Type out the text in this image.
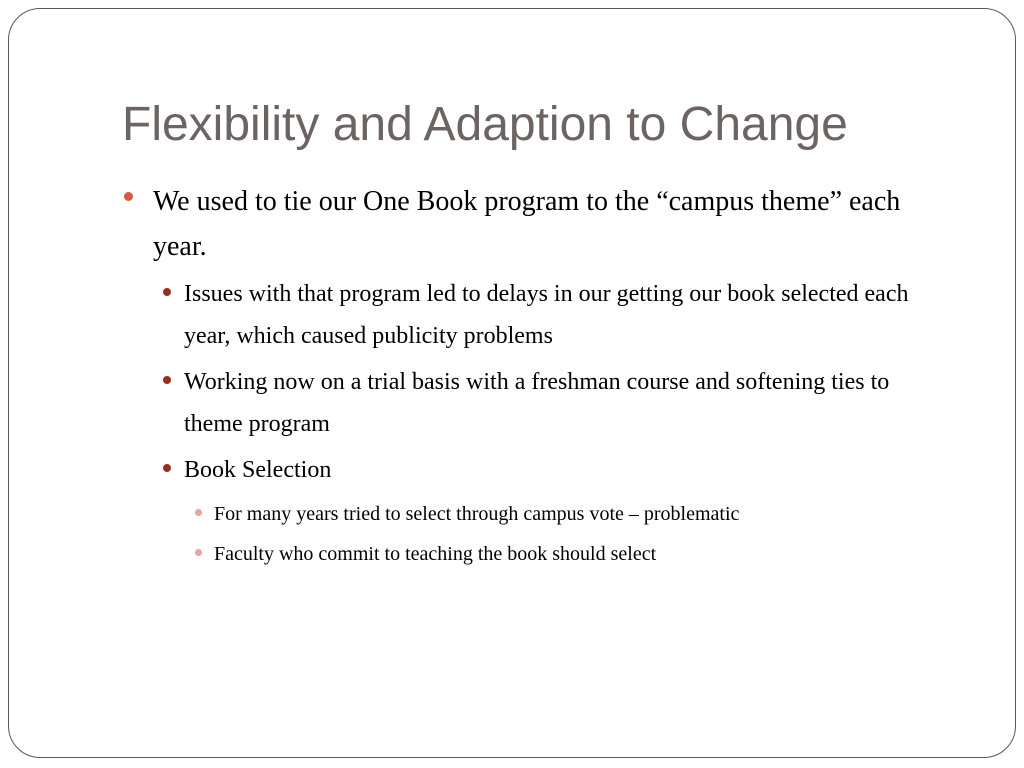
Flexibility and Adaption to Change
We used to tie our One Book program to the “campus theme” each year.
Issues with that program led to delays in our getting our book selected each year, which caused publicity problems
Working now on a trial basis with a freshman course and softening ties to theme program
Book Selection
For many years tried to select through campus vote – problematic
Faculty who commit to teaching the book should select
